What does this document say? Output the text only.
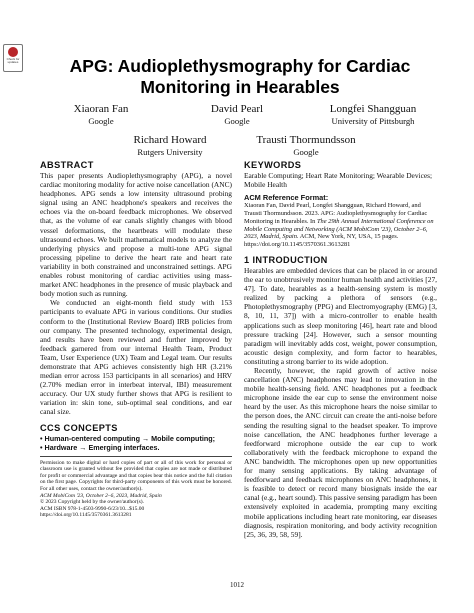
Check for
updates	APG: Audioplethysmography for Cardiac Monitoring in Hearables
Xiaoran Fan
Google
David Pearl
Google
Longfei Shangguan
University of Pittsburgh
Richard Howard
Rutgers University
Trausti Thormundsson
Google
ABSTRACT

This paper presents Audioplethysmography (APG), a novel cardiac monitoring modality for active noise cancellation (ANC) headphones. APG sends a low intensity ultrasound probing signal using an ANC headphone's speakers and receives the echoes via the on-board feedback microphones. We observed that, as the volume of ear canals slightly changes with blood vessel deformations, the heartbeats will modulate these ultrasound echoes. We built mathematical models to analyze the underlying physics and propose a multi-tone APG signal processing pipeline to derive the heart rate and heart rate variability in both constrained and unconstrained settings. APG enables robust monitoring of cardiac activities using mass-market ANC headphones in the presence of music playback and body motion such as running.

We conducted an eight-month field study with 153 participants to evaluate APG in various conditions. Our studies conform to the (Institutional Review Board) IRB policies from our company. The presented technology, experimental design, and results have been reviewed and further improved by feedback garnered from our internal Health Team, Product Team, User Experience (UX) Team and Legal team. Our results demonstrate that APG achieves consistently high HR (3.21% median error across 153 participants in all scenarios) and HRV (2.70% median error in interbeat interval, IBI) measurement accuracy. Our UX study further shows that APG is resilient to variation in: skin tone, sub-optimal seal conditions, and ear canal size.

CCS CONCEPTS
• Human-centered computing → Mobile computing;
• Hardware → Emerging interfaces.

Permission to make digital or hard copies of part or all of this work for personal or classroom use is granted without fee provided that copies are not made or distributed for profit or commercial advantage and that copies bear this notice and the full citation on the first page. Copyrights for third-party components of this work must be honored. For all other uses, contact the owner/author(s).

ACM MobiCom '23, October 2–6, 2023, Madrid, Spain

© 2023 Copyright held by the owner/author(s).

ACM ISBN 978-1-4503-9990-6/23/10...$15.00

https://doi.org/10.1145/3570361.3613281

KEYWORDS

Earable Computing; Heart Rate Monitoring; Wearable Devices; Mobile Health

ACM Reference Format:

Xiaoran Fan, David Pearl, Longfei Shangguan, Richard Howard, and Trausti Thormundsson. 2023. APG: Audioplethysmography for Cardiac Monitoring in Hearables. In The 29th Annual International Conference on Mobile Computing and Networking (ACM MobiCom '23), October 2–6, 2023, Madrid, Spain. ACM, New York, NY, USA, 15 pages. https://doi.org/10.1145/3570361.3613281

1 INTRODUCTION

Hearables are embedded devices that can be placed in or around the ear to unobtrusively monitor human health and activities [27, 47]. To date, hearables as a health-sensing system is mostly realized by packing a plethora of sensors (e.g., Photoplethysmography (PPG) and Electromyography (EMG) [3, 8, 10, 11, 37]) with a micro-controller to enable health applications such as sleep monitoring [46], heart rate and blood pressure tracking [24]. However, such a sensor mounting paradigm will inevitably adds cost, weight, power consumption, acoustic design complexity, and form factor to hearables, constituting a strong barrier to its wide adoption.

Recently, however, the rapid growth of active noise cancellation (ANC) headphones may lead to innovation in the mobile health-sensing field. ANC headphones put a feedback microphone inside the ear cup to sense the environment noise heard by the user. As this microphone hears the noise similar to the person does, the ANC circuit can create the anti-noise before sending the resulting signal to the headset speaker. To improve noise cancellation, the ANC headphones further leverage a feedforward microphone outside the ear cup to work collaboratively with the feedback microphone to expand the ANC bandwidth. The microphones open up new opportunities for many sensing applications. By taking advantage of feedforward and feedback microphones on ANC headphones, it is feasible to detect or record many biosignals inside the ear canal (e.g., heart sound). This passive sensing paradigm has been extensively exploited in academia, prompting many exciting mobile applications including heart rate monitoring, ear diseases diagnosis, respiration monitoring, and body activity recognition [25, 36, 39, 58, 59].

1012
